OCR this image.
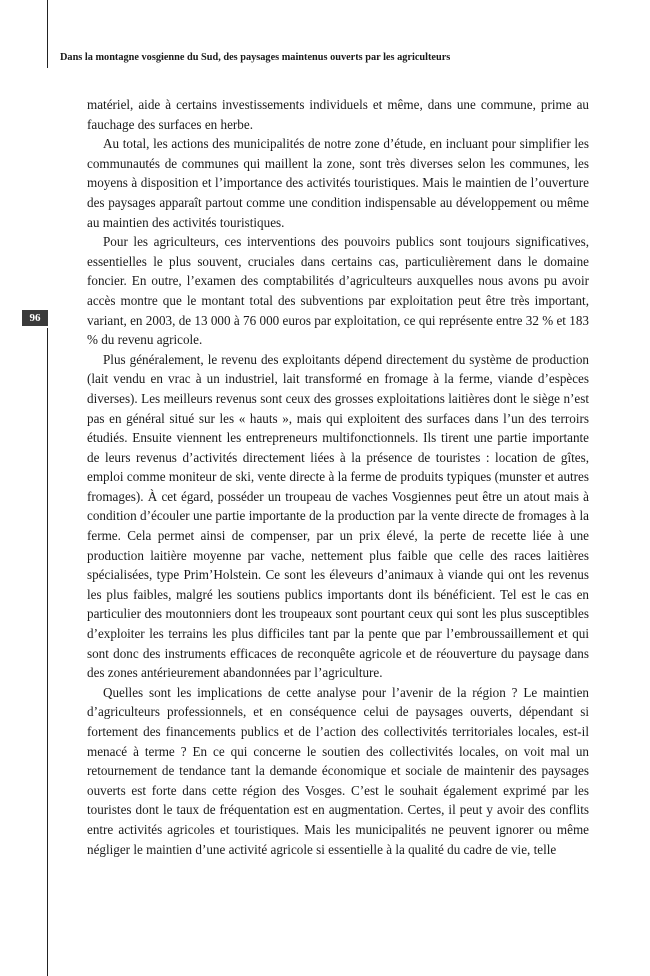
Dans la montagne vosgienne du Sud, des paysages maintenus ouverts par les agriculteurs
96

matériel, aide à certains investissements individuels et même, dans une commune, prime au fauchage des surfaces en herbe.

Au total, les actions des municipalités de notre zone d’étude, en incluant pour simplifier les communautés de communes qui maillent la zone, sont très diverses selon les communes, les moyens à disposition et l’importance des activités touristiques. Mais le maintien de l’ouverture des paysages apparaît partout comme une condition indispensable au développement ou même au maintien des activités touristiques.

Pour les agriculteurs, ces interventions des pouvoirs publics sont toujours significatives, essentielles le plus souvent, cruciales dans certains cas, particulièrement dans le domaine foncier. En outre, l’examen des comptabilités d’agriculteurs auxquelles nous avons pu avoir accès montre que le montant total des subventions par exploitation peut être très important, variant, en 2003, de 13 000 à 76 000 euros par exploitation, ce qui représente entre 32 % et 183 % du revenu agricole.

Plus généralement, le revenu des exploitants dépend directement du système de production (lait vendu en vrac à un industriel, lait transformé en fromage à la ferme, viande d’espèces diverses). Les meilleurs revenus sont ceux des grosses exploitations laitières dont le siège n’est pas en général situé sur les « hauts », mais qui exploitent des surfaces dans l’un des terroirs étudiés. Ensuite viennent les entrepreneurs multifonctionnels. Ils tirent une partie importante de leurs revenus d’activités directement liées à la présence de touristes : location de gîtes, emploi comme moniteur de ski, vente directe à la ferme de produits typiques (munster et autres fromages). À cet égard, posséder un troupeau de vaches Vosgiennes peut être un atout mais à condition d’écouler une partie importante de la production par la vente directe de fromages à la ferme. Cela permet ainsi de compenser, par un prix élevé, la perte de recette liée à une production laitière moyenne par vache, nettement plus faible que celle des races laitières spécialisées, type Prim’Holstein. Ce sont les éleveurs d’animaux à viande qui ont les revenus les plus faibles, malgré les soutiens publics importants dont ils bénéficient. Tel est le cas en particulier des moutonniers dont les troupeaux sont pourtant ceux qui sont les plus susceptibles d’exploiter les terrains les plus difficiles tant par la pente que par l’embroussaillement et qui sont donc des instruments efficaces de reconquête agricole et de réouverture du paysage dans des zones antérieurement abandonnées par l’agriculture.

Quelles sont les implications de cette analyse pour l’avenir de la région ? Le maintien d’agriculteurs professionnels, et en conséquence celui de paysages ouverts, dépendant si fortement des financements publics et de l’action des collectivités territoriales locales, est-il menacé à terme ? En ce qui concerne le soutien des collectivités locales, on voit mal un retournement de tendance tant la demande économique et sociale de maintenir des paysages ouverts est forte dans cette région des Vosges. C’est le souhait également exprimé par les touristes dont le taux de fréquentation est en augmentation. Certes, il peut y avoir des conflits entre activités agricoles et touristiques. Mais les municipalités ne peuvent ignorer ou même négliger le maintien d’une activité agricole si essentielle à la qualité du cadre de vie, telle
